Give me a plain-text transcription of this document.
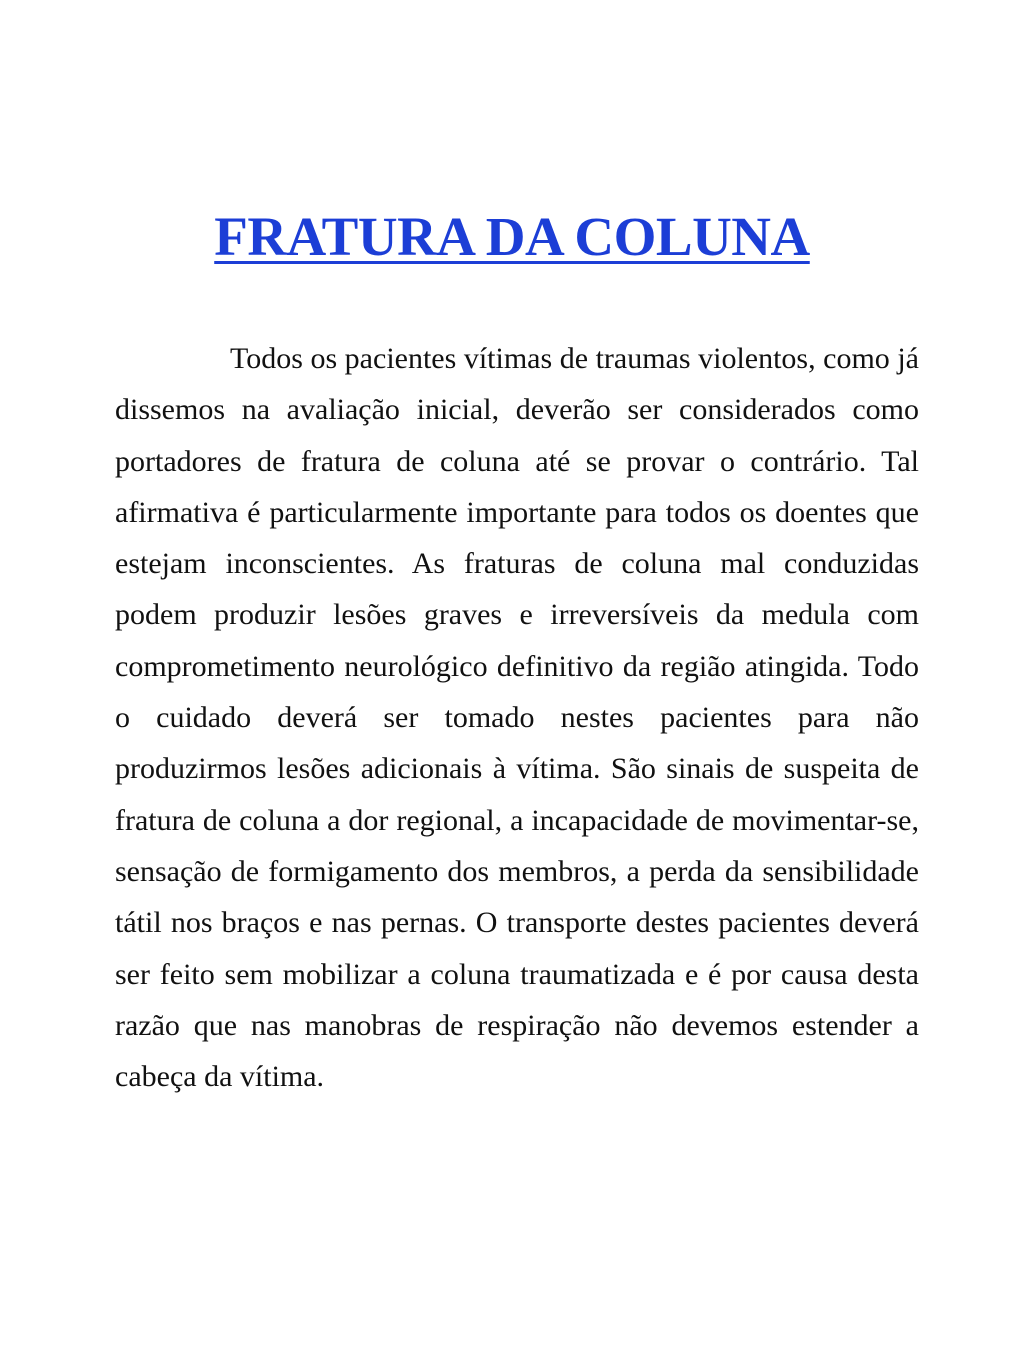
FRATURA DA COLUNA

Todos os pacientes vítimas de traumas violentos, como já dissemos na avaliação inicial, deverão ser considerados como portadores de fratura de coluna até se provar o contrário. Tal afirmativa é particularmente importante para todos os doentes que estejam inconscientes. As fraturas de coluna mal conduzidas podem produzir lesões graves e irreversíveis da medula com comprometimento neurológico definitivo da região atingida. Todo o cuidado deverá ser tomado nestes pacientes para não produzirmos lesões adicionais à vítima. São sinais de suspeita de fratura de coluna a dor regional, a incapacidade de movimentar-se, sensação de formigamento dos membros, a perda da sensibilidade tátil nos braços e nas pernas. O transporte destes pacientes deverá ser feito sem mobilizar a coluna traumatizada e é por causa desta razão que nas manobras de respiração não devemos estender a cabeça da vítima.
